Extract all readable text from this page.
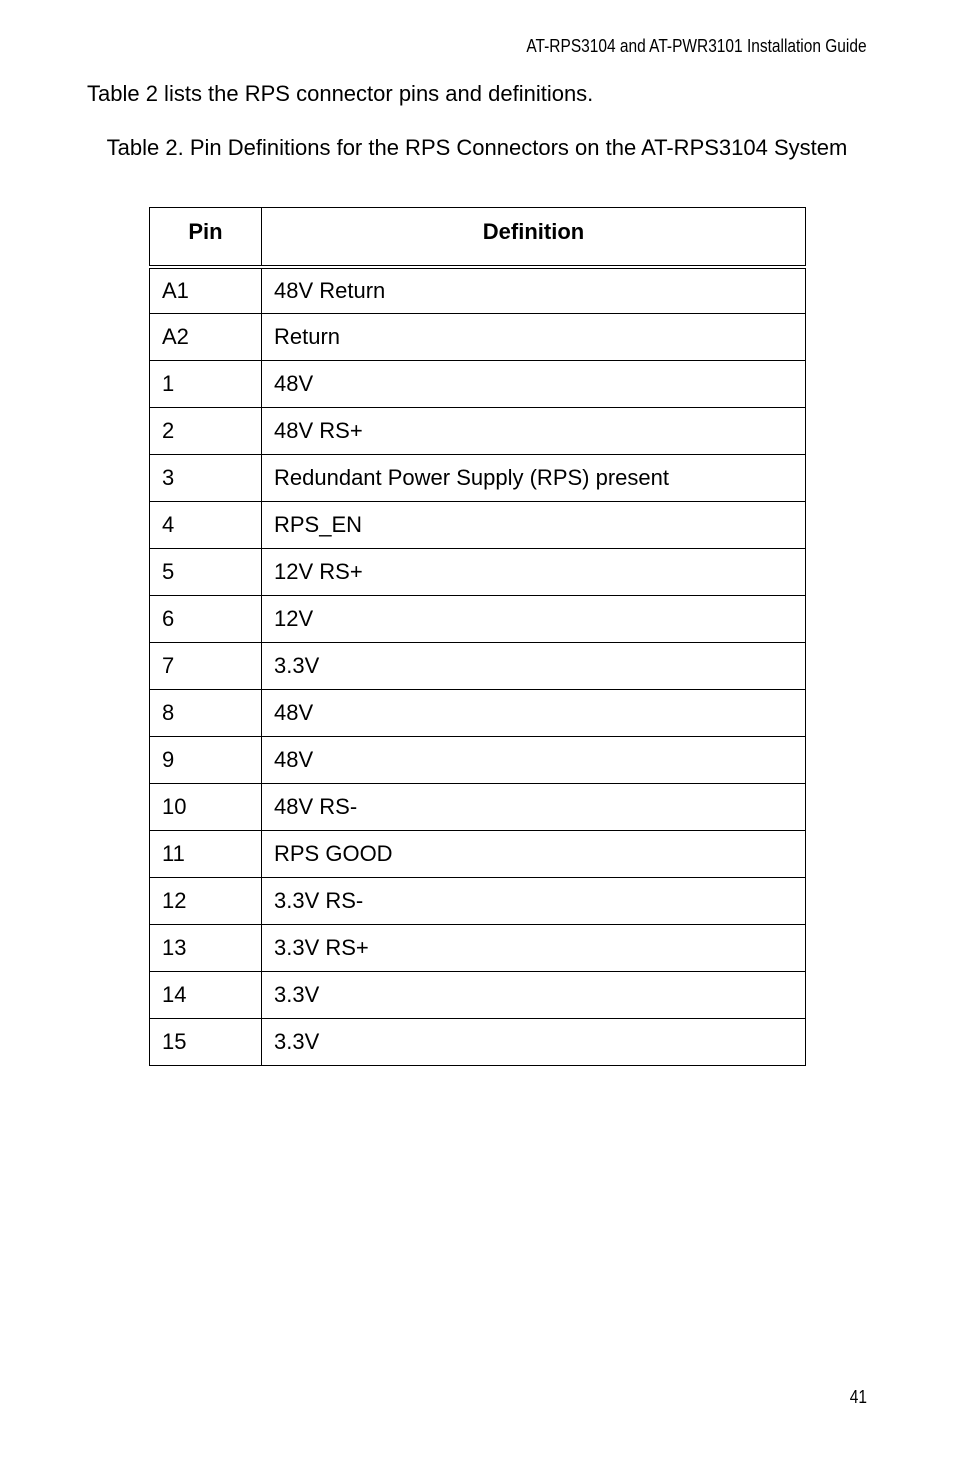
AT-RPS3104 and AT-PWR3101 Installation Guide

Table 2 lists the RPS connector pins and definitions.

Table 2. Pin Definitions for the RPS Connectors on the AT-RPS3104 System
Pin	Definition
A1	48V Return
A2	Return
1	48V
2	48V RS+
3	Redundant Power Supply (RPS) present
4	RPS_EN
5	12V RS+
6	12V
7	3.3V
8	48V
9	48V
10	48V RS-
11	RPS GOOD
12	3.3V RS-
13	3.3V RS+
14	3.3V
15	3.3V
41
